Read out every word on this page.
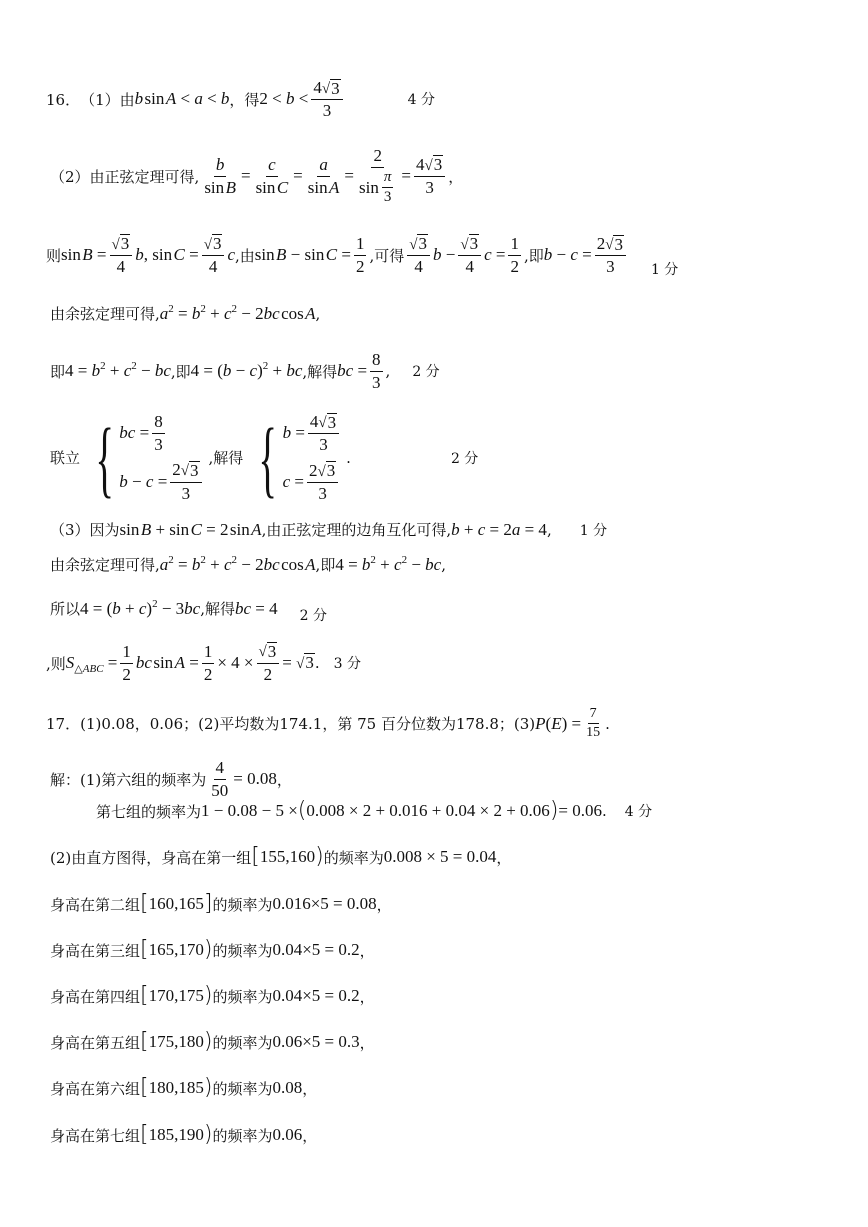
16． （1）由 b sin A < a < b ，得 $2 < b < \frac{4 √ 3}{3}$	4 分
（2）由正弦定理可得, $\frac{b}{\text{sin B}} = \frac{c}{\text{sin C}} = \frac{a}{\text{sin A}} = \frac{2}{\sin \frac{\pi}{3}} = \frac{4 √ 3}{3}$ ，
则 sin $B = \frac{√ 3}{4} b$, sin $C = \frac{√ 3}{4}$ c ,由 sin B − sin $C = \frac{1}{2}$ ,可得 $\frac{√ 3}{4}$ $b - \frac{√ 3}{4}$ $c = \frac{1}{2}$ ,即 $b - c = \frac{2 √ 3}{3} 1$ 分
由余弦定理可得, $a^2 = b^2 + c^2 - 2bc$ cos A ,
即 $4 = b^2 + c^2$ − bc ,即 $4 = (b - c)^2$ + bc ,解得 bc = $\frac{8}{3}$ , 2 分
联立 { bc = $\frac{8}{3}$
$b - c = \frac{2 √ 3}{3}$
,解得 { $b = \frac{4 √ 3}{3}$
$c = \frac{2 √ 3}{3}$
.	2 分
（3）因为 sin B + sin C = 2 sin A ,由正弦定理的边角互化可得, b + c = 2a = 4 , 1 分
由余弦定理可得, $a^2 = b^2 + c^2 - 2bc$ cos A ,即 $4 = b^2 + c^2$ − bc ,
所以 $4 = (b + c)^2 - 3bc$ ,解得 bc = 4 2 分
,则 $S_{\triangle ABC} = \frac{1}{2}$ bc sin $A = \frac{1}{2} \times 4 \times \frac{√ 3}{2}$ = √ 3 . 3 分
17． (1)0.08，0.06；(2)平均数为174.1，第 75 百分位数为178.8；(3) $P(E) = \frac{7}{15}$ .
解：(1)第六组的频率为 $\frac{4}{50} = 0.08$ ，
第七组的频率为 1 − 0.08 − 5 × ( 0.008 × 2 + 0.016 + 0.04 × 2 + 0.06 ) = 0.06 . 4 分
(2)由直方图得，身高在第一组 [ 155,160 ) 的频率为 0.008 × 5 = 0.04 ，
身高在第二组 [ 160 , 165 ] 的频率为 0.016×5 = 0.08 ，
身高在第三组 [ 165 , 170 ) 的频率为 0.04×5 = 0.2 ，
身高在第四组 [ 170 , 175 ) 的频率为 0.04×5 = 0.2 ，
身高在第五组 [ 175 , 180 ) 的频率为 0.06×5 = 0.3 ，
身高在第六组 [ 180 , 185 ) 的频率为 0.08 ，
身高在第七组 [ 185 , 190 ) 的频率为 0.06 ，
